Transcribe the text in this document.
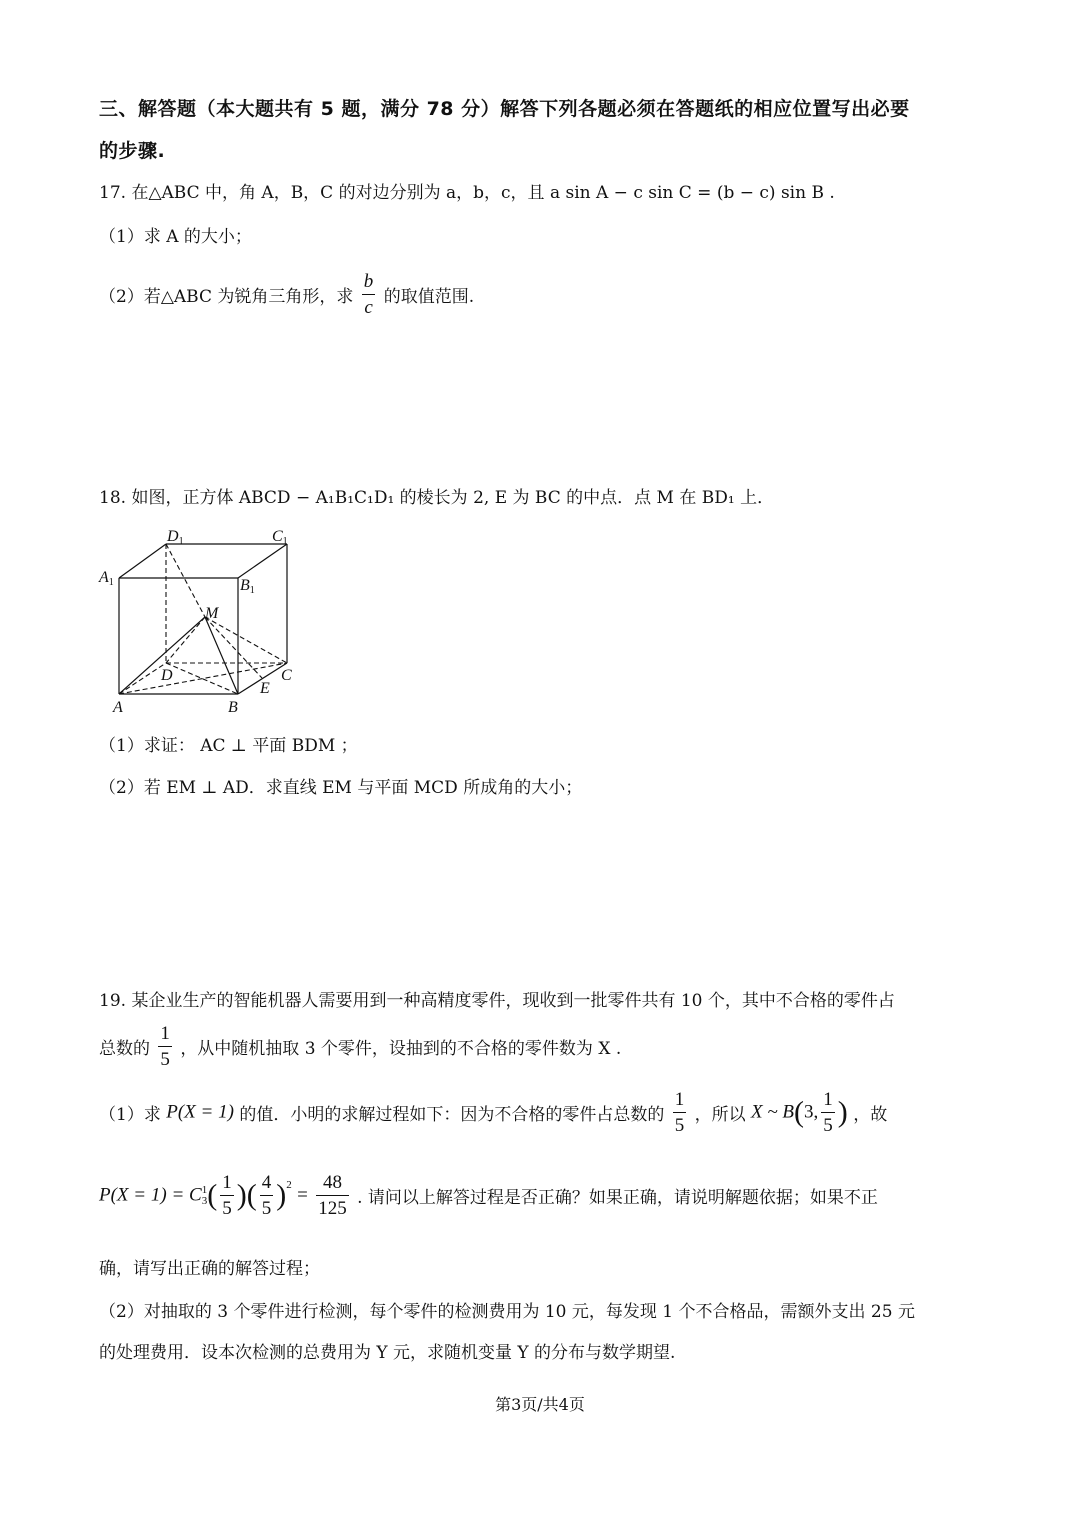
三、解答题（本大题共有 5 题，满分 78 分）解答下列各题必须在答题纸的相应位置写出必要
的步骤.
17. 在△ABC 中，角 A，B，C 的对边分别为 a，b，c，且 a sin A − c sin C = (b − c) sin B .
（1）求 A 的大小；
（2）若△ABC 为锐角三角形，求 $\frac{b}{c}$ 的取值范围.
18. 如图，正方体 ABCD − A₁B₁C₁D₁ 的棱长为 2, E 为 BC 的中点．点 M 在 BD₁ 上．
D1	C1
A1	B1
M
D	C
E
A	B
（1）求证： AC ⊥ 平面 BDM ；
（2）若 EM ⊥ AD．求直线 EM 与平面 MCD 所成角的大小；
19. 某企业生产的智能机器人需要用到一种高精度零件，现收到一批零件共有 10 个，其中不合格的零件占
总数的 $\frac{1}{5}$ ，从中随机抽取 3 个零件，设抽到的不合格的零件数为 X .
（1）求 P(X = 1) 的值．小明的求解过程如下：因为不合格的零件占总数的 $\frac{1}{5}$ ，所以 X ~ B(3, $\frac{1}{5}$ ) ，故
P(X = 1) = C 1
3 ( $\frac{1}{5}$ )( $\frac{4}{5} )^2 = \frac{48}{125}$ . 请问以上解答过程是否正确？如果正确，请说明解题依据；如果不正
确，请写出正确的解答过程；
（2）对抽取的 3 个零件进行检测，每个零件的检测费用为 10 元，每发现 1 个不合格品，需额外支出 25 元
的处理费用．设本次检测的总费用为 Y 元，求随机变量 Y 的分布与数学期望.
第3页/共4页
